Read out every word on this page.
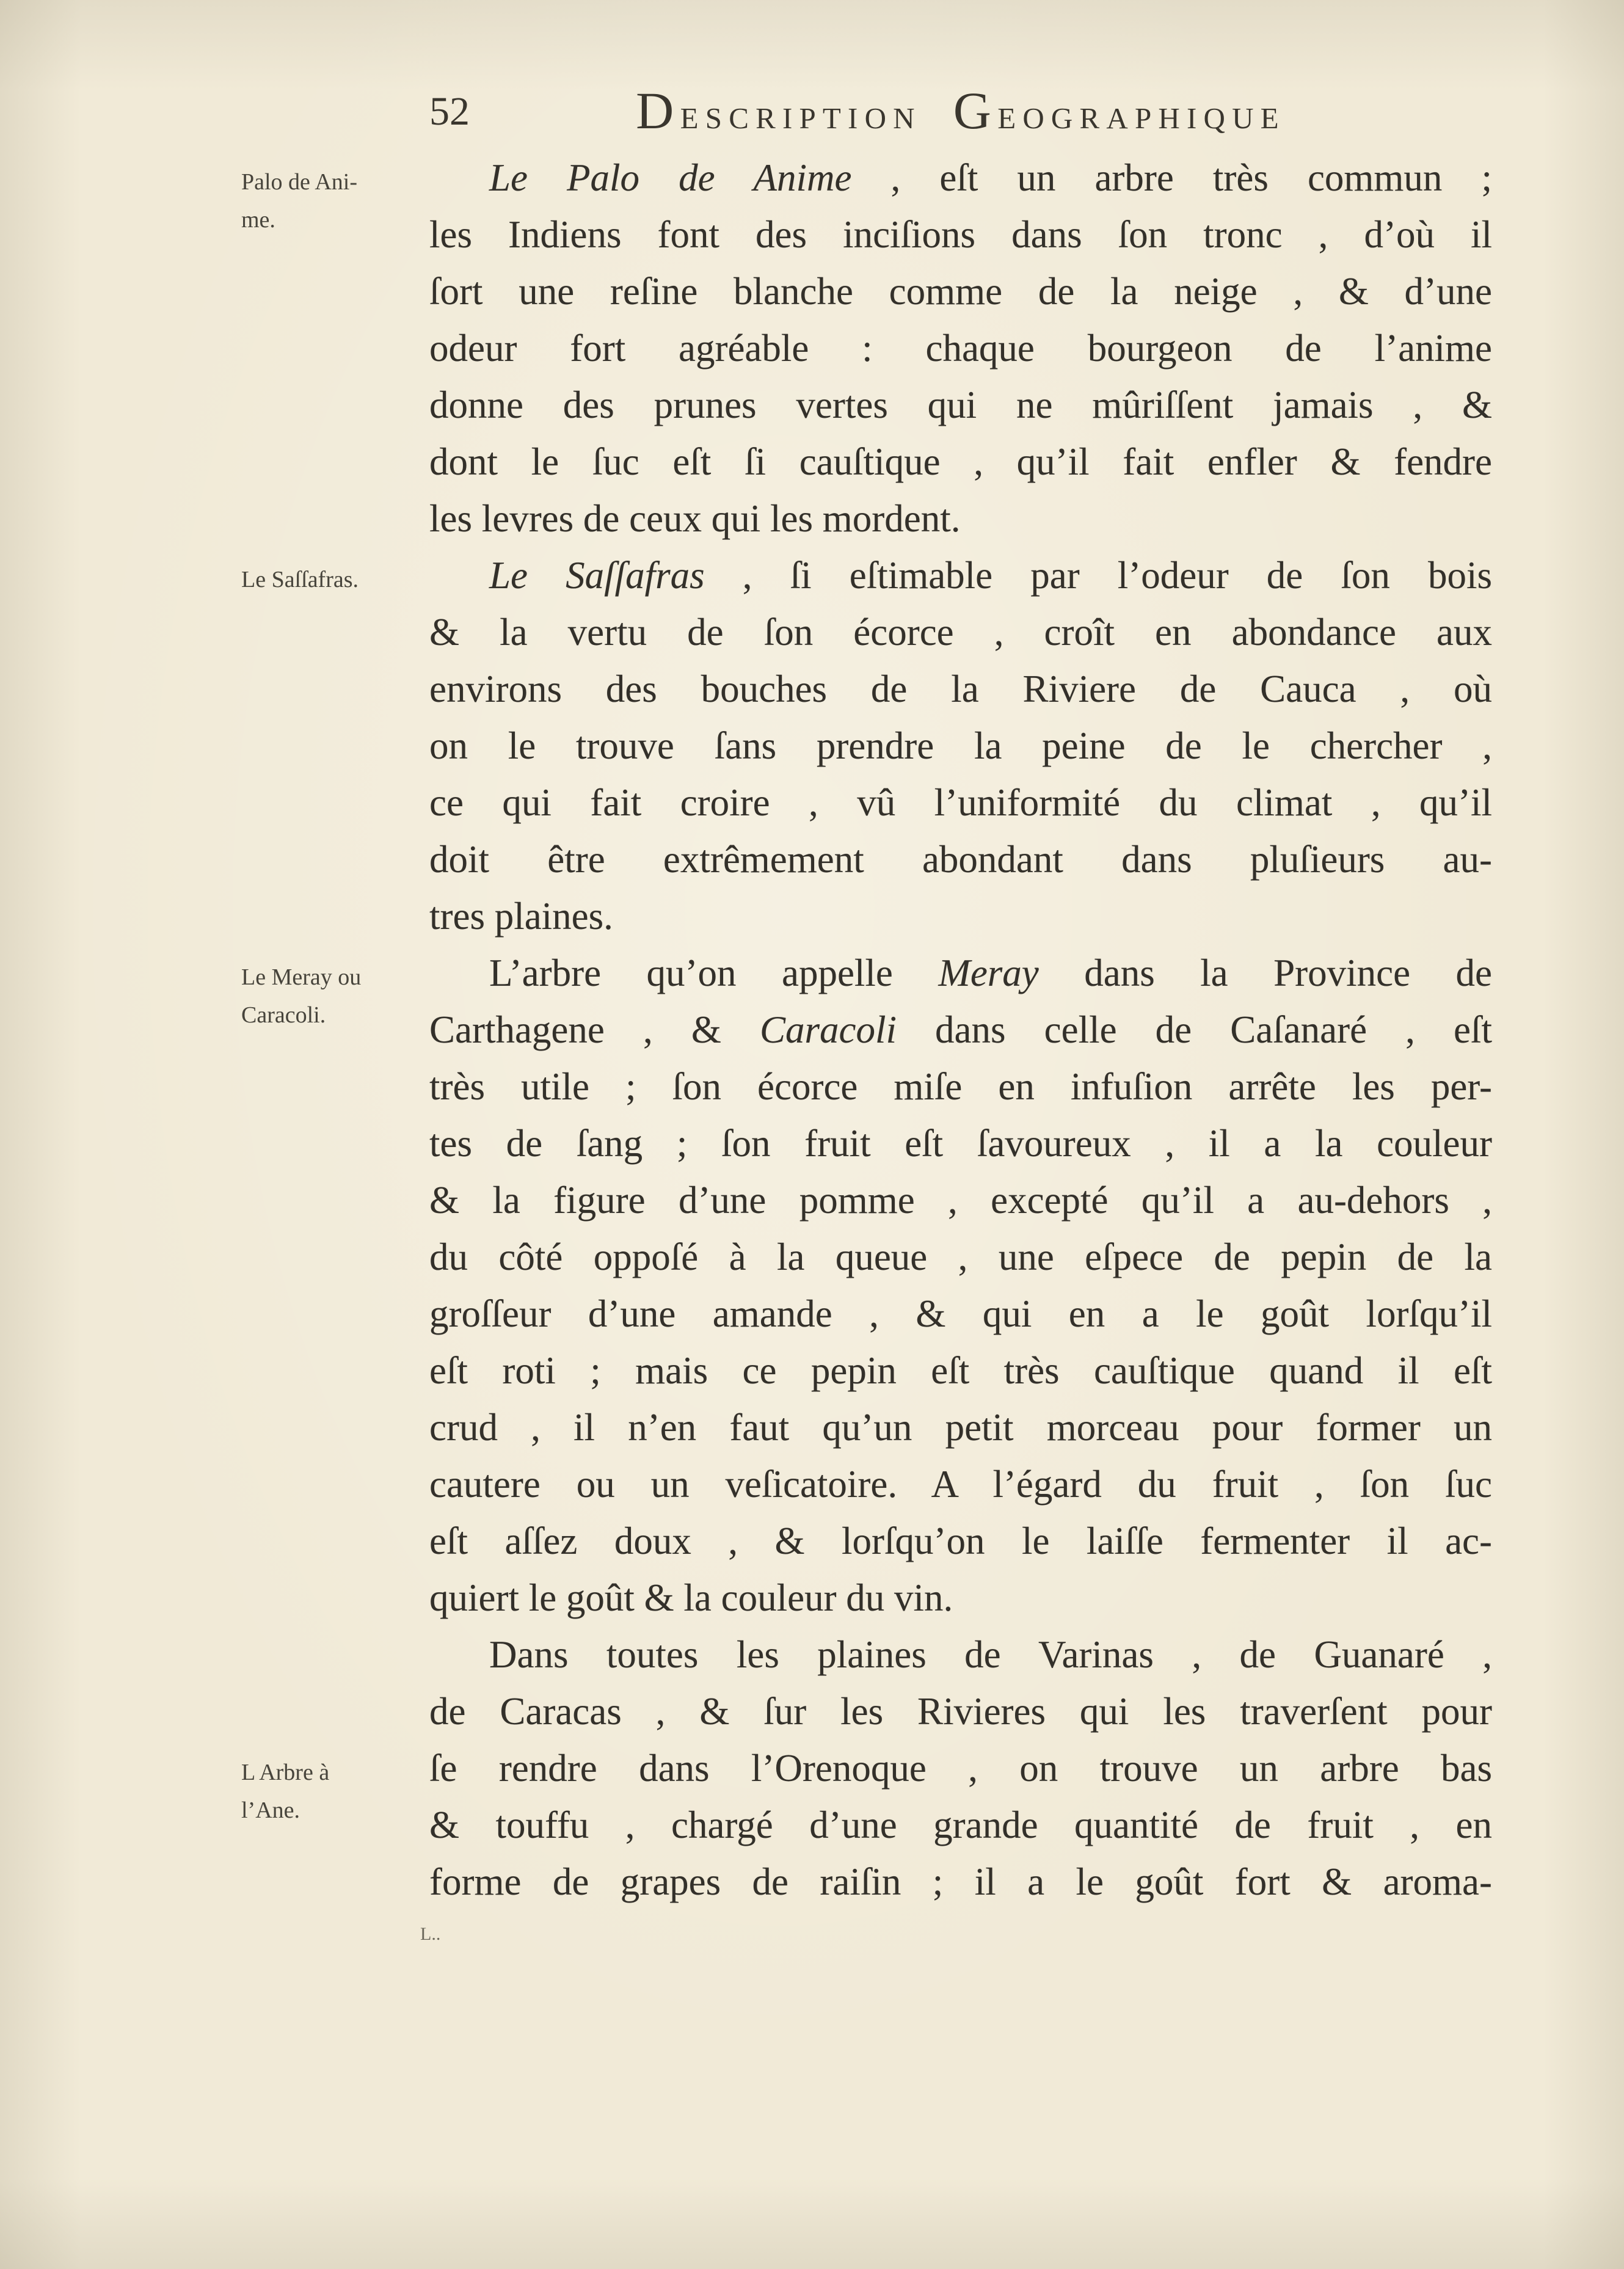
52	Description Geographique
Palo de Ani-
me.
Le Saſſafras.
Le Meray ou
Caracoli.
L Arbre à
l’Ane.
Le Palo de Anime , eſt un arbre très commun ;
les Indiens font des inciſions dans ſon tronc , d’où il
ſort une reſine blanche comme de la neige , & d’une
odeur fort agréable : chaque bourgeon de l’anime
donne des prunes vertes qui ne mûriſſent jamais , &
dont le ſuc eſt ſi cauſtique , qu’il fait enfler & fendre
les levres de ceux qui les mordent.
Le Saſſafras , ſi eſtimable par l’odeur de ſon bois
& la vertu de ſon écorce , croît en abondance aux
environs des bouches de la Riviere de Cauca , où
on le trouve ſans prendre la peine de le chercher ,
ce qui fait croire , vû l’uniformité du climat , qu’il
doit être extrêmement abondant dans pluſieurs au-
tres plaines.
L’arbre qu’on appelle Meray dans la Province de
Carthagene , & Caracoli dans celle de Caſanaré , eſt
très utile ; ſon écorce miſe en infuſion arrête les per-
tes de ſang ; ſon fruit eſt ſavoureux , il a la couleur
& la figure d’une pomme , excepté qu’il a au-dehors ,
du côté oppoſé à la queue , une eſpece de pepin de la
groſſeur d’une amande , & qui en a le goût lorſqu’il
eſt roti ; mais ce pepin eſt très cauſtique quand il eſt
crud , il n’en faut qu’un petit morceau pour former un
cautere ou un veſicatoire. A l’égard du fruit , ſon ſuc
eſt aſſez doux , & lorſqu’on le laiſſe fermenter il ac-
quiert le goût & la couleur du vin.
Dans toutes les plaines de Varinas , de Guanaré ,
de Caracas , & ſur les Rivieres qui les traverſent pour
ſe rendre dans l’Orenoque , on trouve un arbre bas
& touffu , chargé d’une grande quantité de fruit , en
forme de grapes de raiſin ; il a le goût fort & aroma-
L..
